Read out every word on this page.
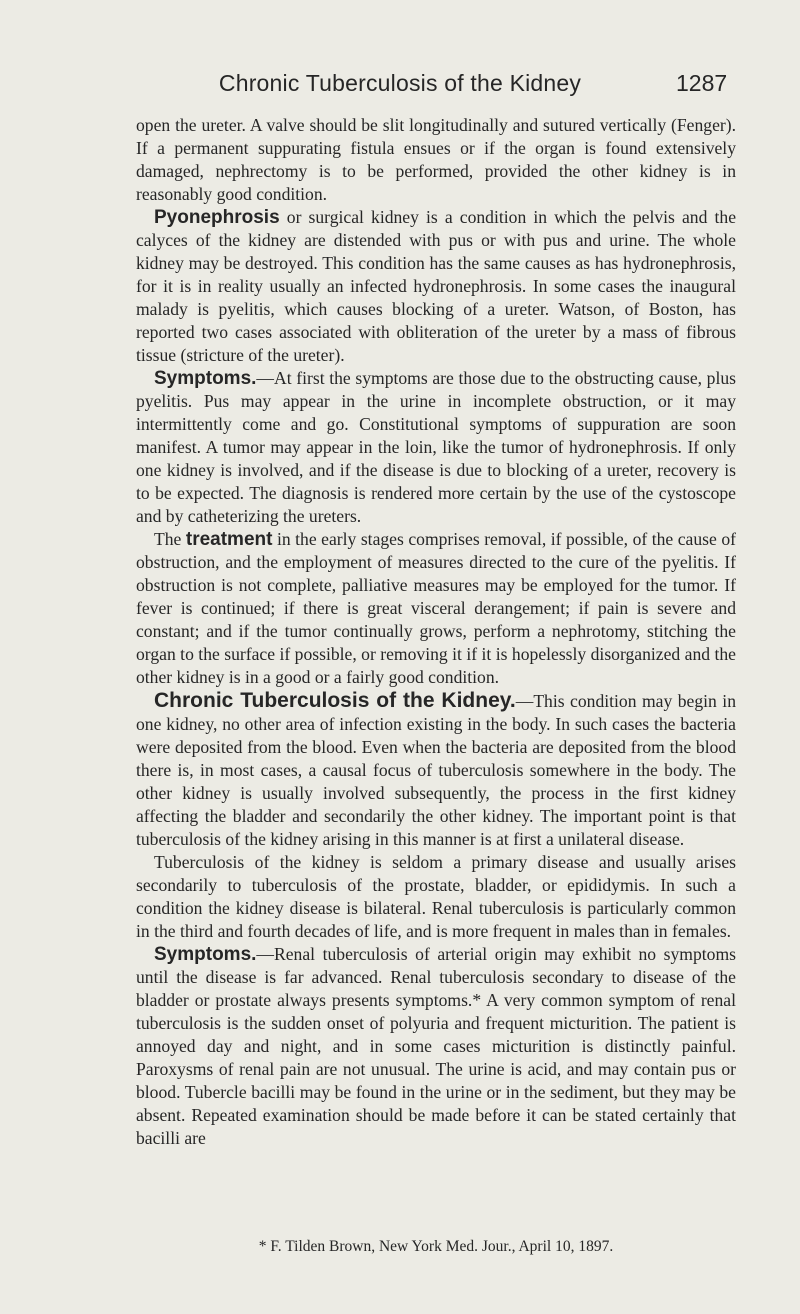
Chronic Tuberculosis of the Kidney	1287

open the ureter. A valve should be slit longitudinally and sutured vertically (Fenger). If a permanent suppurating fistula ensues or if the organ is found extensively damaged, nephrectomy is to be performed, provided the other kidney is in reasonably good condition.

Pyonephrosis or surgical kidney is a condition in which the pelvis and the calyces of the kidney are distended with pus or with pus and urine. The whole kidney may be destroyed. This condition has the same causes as has hydronephrosis, for it is in reality usually an infected hydronephrosis. In some cases the inaugural malady is pyelitis, which causes blocking of a ureter. Watson, of Boston, has reported two cases associated with obliteration of the ureter by a mass of fibrous tissue (stricture of the ureter).

Symptoms.—At first the symptoms are those due to the obstructing cause, plus pyelitis. Pus may appear in the urine in incomplete obstruction, or it may intermittently come and go. Constitutional symptoms of suppuration are soon manifest. A tumor may appear in the loin, like the tumor of hydronephrosis. If only one kidney is involved, and if the disease is due to blocking of a ureter, recovery is to be expected. The diagnosis is rendered more certain by the use of the cystoscope and by catheterizing the ureters.

The treatment in the early stages comprises removal, if possible, of the cause of obstruction, and the employment of measures directed to the cure of the pyelitis. If obstruction is not complete, palliative measures may be employed for the tumor. If fever is continued; if there is great visceral derangement; if pain is severe and constant; and if the tumor continually grows, perform a nephrotomy, stitching the organ to the surface if possible, or removing it if it is hopelessly disorganized and the other kidney is in a good or a fairly good condition.

Chronic Tuberculosis of the Kidney.—This condition may begin in one kidney, no other area of infection existing in the body. In such cases the bacteria were deposited from the blood. Even when the bacteria are deposited from the blood there is, in most cases, a causal focus of tuberculosis somewhere in the body. The other kidney is usually involved subsequently, the process in the first kidney affecting the bladder and secondarily the other kidney. The important point is that tuberculosis of the kidney arising in this manner is at first a unilateral disease.

Tuberculosis of the kidney is seldom a primary disease and usually arises secondarily to tuberculosis of the prostate, bladder, or epididymis. In such a condition the kidney disease is bilateral. Renal tuberculosis is particularly common in the third and fourth decades of life, and is more frequent in males than in females.

Symptoms.—Renal tuberculosis of arterial origin may exhibit no symptoms until the disease is far advanced. Renal tuberculosis secondary to disease of the bladder or prostate always presents symptoms.* A very common symptom of renal tuberculosis is the sudden onset of polyuria and frequent micturition. The patient is annoyed day and night, and in some cases micturition is distinctly painful. Paroxysms of renal pain are not unusual. The urine is acid, and may contain pus or blood. Tubercle bacilli may be found in the urine or in the sediment, but they may be absent. Repeated examination should be made before it can be stated certainly that bacilli are

* F. Tilden Brown, New York Med. Jour., April 10, 1897.
